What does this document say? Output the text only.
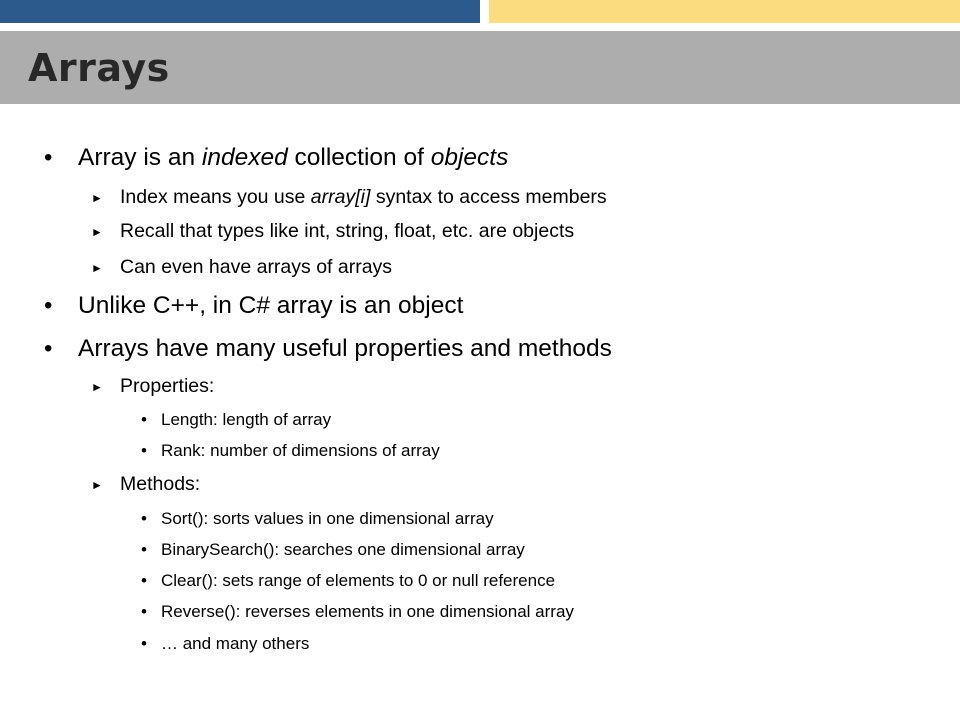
Arrays
• Array is an indexed collection of objects
► Index means you use array[i] syntax to access members
► Recall that types like int, string, float, etc. are objects
► Can even have arrays of arrays
• Unlike C++, in C# array is an object
• Arrays have many useful properties and methods
► Properties:
• Length: length of array
• Rank: number of dimensions of array
► Methods:
• Sort(): sorts values in one dimensional array
• BinarySearch(): searches one dimensional array
• Clear(): sets range of elements to 0 or null reference
• Reverse(): reverses elements in one dimensional array
• … and many others
